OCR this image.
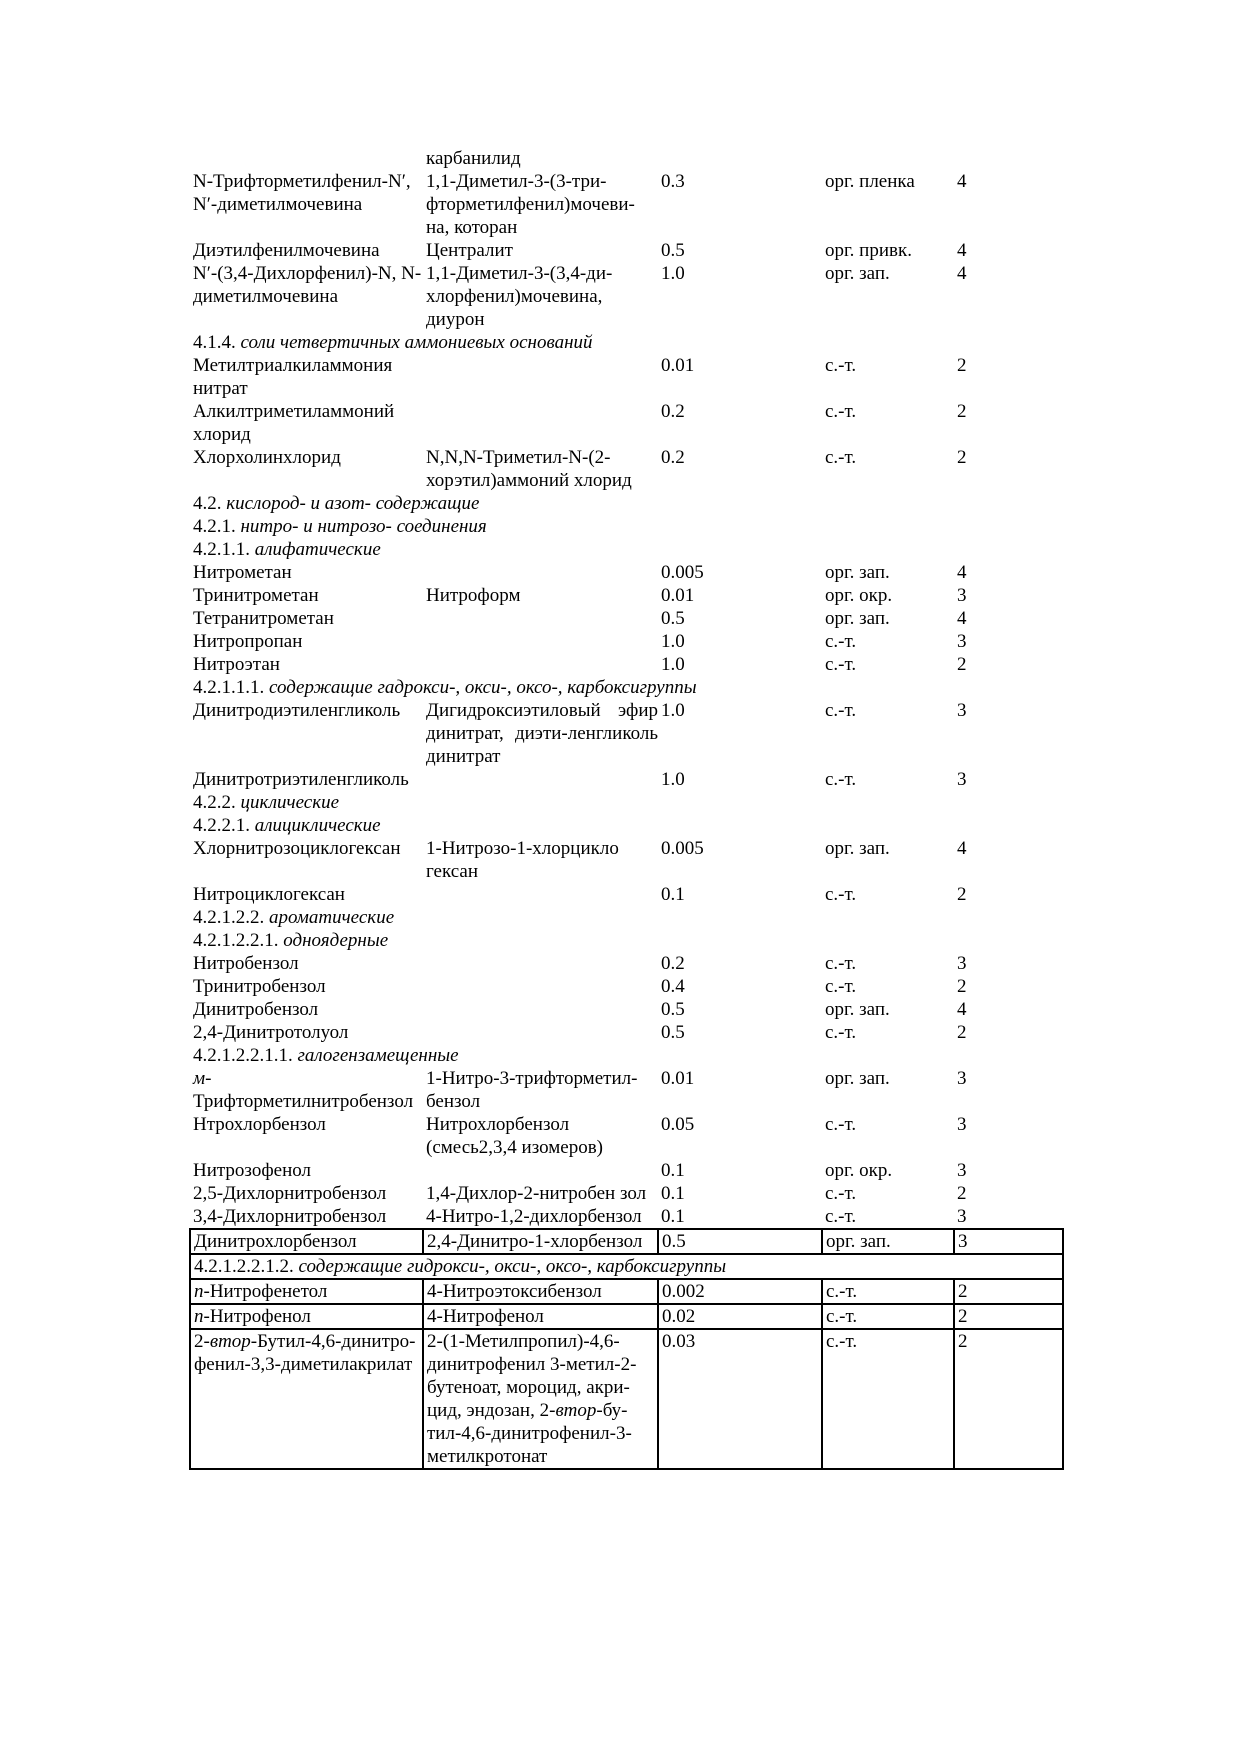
	карбанилид			
N-Трифторметилфенил-N′, N′-диметилмочевина	1,1-Диметил-3-(3-три-фторметилфенил)мочеви-на, которан	0.3	орг. пленка	4
Диэтилфенилмочевина	Централит	0.5	орг. привк.	4
N′-(3,4-Дихлорфенил)-N, N-диметилмочевина	1,1-Диметил-3-(3,4-ди-хлорфенил)мочевина, диурон	1.0	орг. зап.	4
4.1.4. соли четвертичных аммониевых оснований				
Метилтриалкиламмония нитрат		0.01	с.-т.	2
Алкилтриметиламмоний хлорид		0.2	с.-т.	2
Хлорхолинхлорид	N,N,N-Триметил-N-(2-хорэтил)аммоний хлорид	0.2	с.-т.	2
4.2. кислород- и азот- содержащие				
4.2.1. нитро- и нитрозо- соединения				
4.2.1.1. алифатические				
Нитрометан		0.005	орг. зап.	4
Тринитрометан	Нитроформ	0.01	орг. окр.	3
Тетранитрометан		0.5	орг. зап.	4
Нитропропан		1.0	с.-т.	3
Нитроэтан		1.0	с.-т.	2
4.2.1.1.1. содержащие гадрокси-, окси-, оксо-, карбоксигруппы				
Динитродиэтиленгликоль	Дигидроксиэтиловый эфир динитрат, диэти-ленгликоль динитрат	1.0	с.-т.	3
Динитротриэтиленгликоль		1.0	с.-т.	3
4.2.2. циклические				
4.2.2.1. алициклические				
Хлорнитрозоциклогексан	1-Нитрозо-1-хлорцикло гексан	0.005	орг. зап.	4
Нитроциклогексан		0.1	с.-т.	2
4.2.1.2.2. ароматические				
4.2.1.2.2.1. одноядерные				
Нитробензол		0.2	с.-т.	3
Тринитробензол		0.4	с.-т.	2
Динитробензол		0.5	орг. зап.	4
2,4-Динитротолуол		0.5	с.-т.	2
4.2.1.2.2.1.1. галогензамещенные				
м-Трифторметилнитробензол	1-Нитро-3-трифторметил-бензол	0.01	орг. зап.	3
Нтрохлорбензол	Нитрохлорбензол (смесь2,3,4 изомеров)	0.05	с.-т.	3
Нитрозофенол		0.1	орг. окр.	3
2,5-Дихлорнитробензол	1,4-Дихлор-2-нитробен зол	0.1	с.-т.	2
3,4-Дихлорнитробензол	4-Нитро-1,2-дихлорбензол	0.1	с.-т.	3
Динитрохлорбензол	2,4-Динитро-1-хлорбензол	0.5	орг. зап.	3
4.2.1.2.2.1.2. содержащие гидрокси-, окси-, оксо-, карбоксигруппы				
n-Нитрофенетол	4-Нитроэтоксибензол	0.002	с.-т.	2
n-Нитрофенол	4-Нитрофенол	0.02	с.-т.	2
2-втор-Бутил-4,6-динитро-фенил-3,3-диметилакрилат	2-(1-Метилпропил)-4,6-динитрофенил 3-метил-2-бутеноат, мороцид, акри-цид, эндозан, 2-втор-бу-тил-4,6-динитрофенил-3-метилкротонат	0.03	с.-т.	2
